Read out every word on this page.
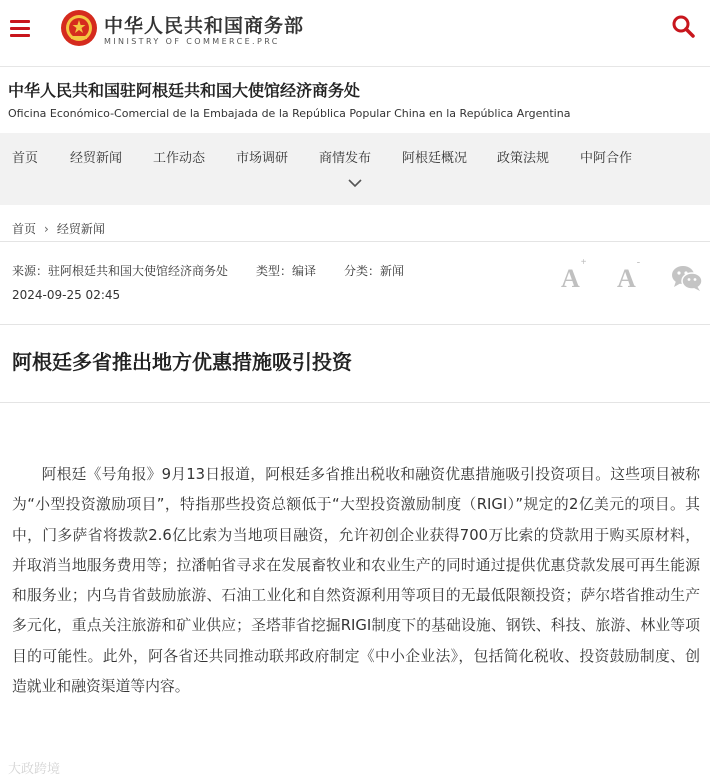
中华人民共和国商务部
MINISTRY OF COMMERCE.PRC
中华人民共和国驻阿根廷共和国大使馆经济商务处
Oficina Económico-Comercial de la Embajada de la República Popular China en la República Argentina
首页 经贸新闻 工作动态 市场调研 商情发布 阿根廷概况 政策法规 中阿合作
首页 › 经贸新闻
来源：驻阿根廷共和国大使馆经济商务处 类型：编译 分类：新闻
2024-09-25 02:45
A+
A-
阿根廷多省推出地方优惠措施吸引投资

阿根廷《号角报》9月13日报道，阿根廷多省推出税收和融资优惠措施吸引投资项目。这些项目被称为“小型投资激励项目”，特指那些投资总额低于“大型投资激励制度（RIGI）”规定的2亿美元的项目。其中，门多萨省将拨款2.6亿比索为当地项目融资，允许初创企业获得700万比索的贷款用于购买原材料，并取消当地服务费用等；拉潘帕省寻求在发展畜牧业和农业生产的同时通过提供优惠贷款发展可再生能源和服务业；内乌肯省鼓励旅游、石油工业化和自然资源利用等项目的无最低限额投资；萨尔塔省推动生产多元化，重点关注旅游和矿业供应；圣塔菲省挖掘RIGI制度下的基础设施、钢铁、科技、旅游、林业等项目的可能性。此外，阿各省还共同推动联邦政府制定《中小企业法》，包括简化税收、投资鼓励制度、创造就业和融资渠道等内容。

大政跨境
